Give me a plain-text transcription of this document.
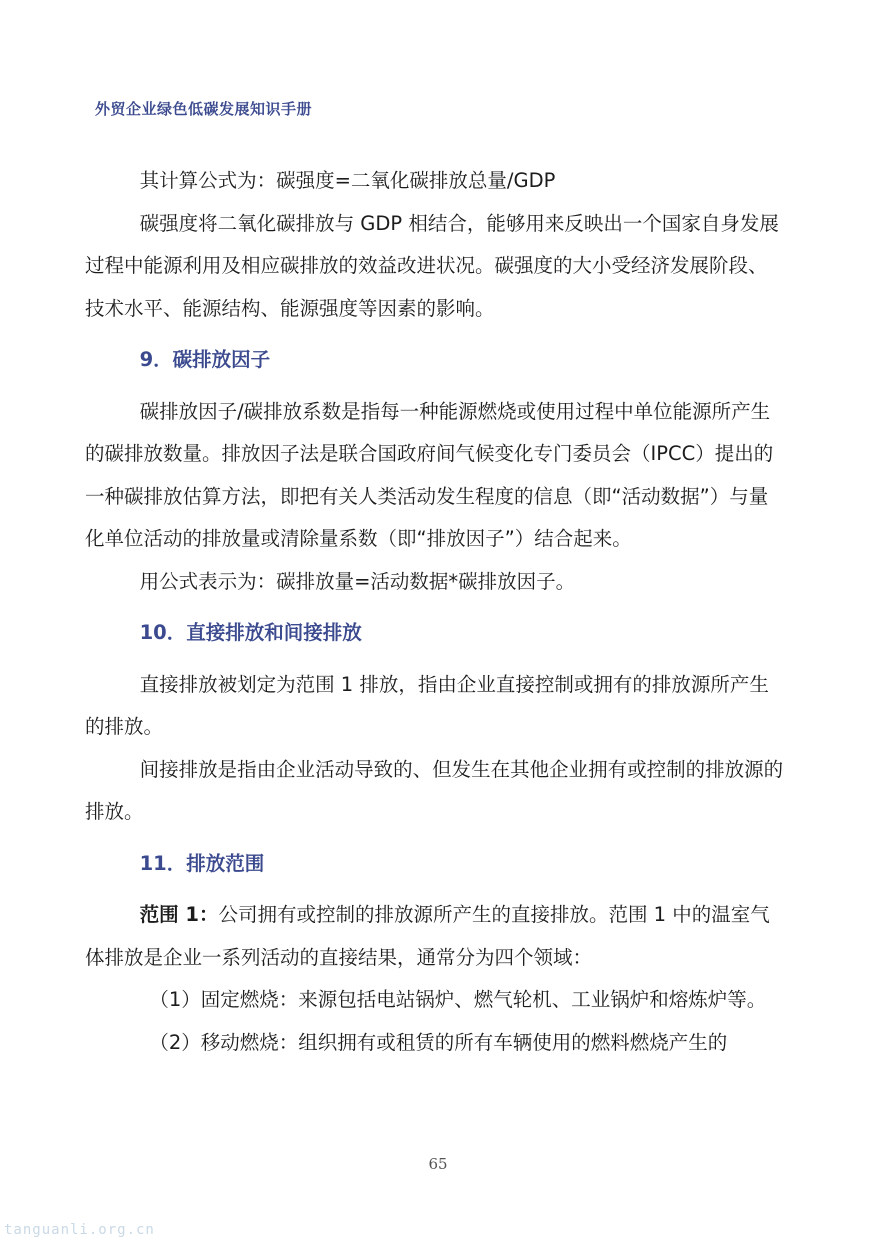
外贸企业绿色低碳发展知识手册

其计算公式为：碳强度=二氧化碳排放总量/GDP

碳强度将二氧化碳排放与 GDP 相结合，能够用来反映出一个国家自身发展过程中能源利用及相应碳排放的效益改进状况。碳强度的大小受经济发展阶段、技术水平、能源结构、能源强度等因素的影响。

9．碳排放因子

碳排放因子/碳排放系数是指每一种能源燃烧或使用过程中单位能源所产生的碳排放数量。排放因子法是联合国政府间气候变化专门委员会（IPCC）提出的一种碳排放估算方法，即把有关人类活动发生程度的信息（即“活动数据”）与量化单位活动的排放量或清除量系数（即“排放因子”）结合起来。

用公式表示为：碳排放量=活动数据*碳排放因子。

10．直接排放和间接排放

直接排放被划定为范围 1 排放，指由企业直接控制或拥有的排放源所产生的排放。

间接排放是指由企业活动导致的、但发生在其他企业拥有或控制的排放源的排放。

11．排放范围

范围 1：公司拥有或控制的排放源所产生的直接排放。范围 1 中的温室气体排放是企业一系列活动的直接结果，通常分为四个领域：

（1）固定燃烧：来源包括电站锅炉、燃气轮机、工业锅炉和熔炼炉等。

（2）移动燃烧：组织拥有或租赁的所有车辆使用的燃料燃烧产生的

65
tanguanli.org.cn
